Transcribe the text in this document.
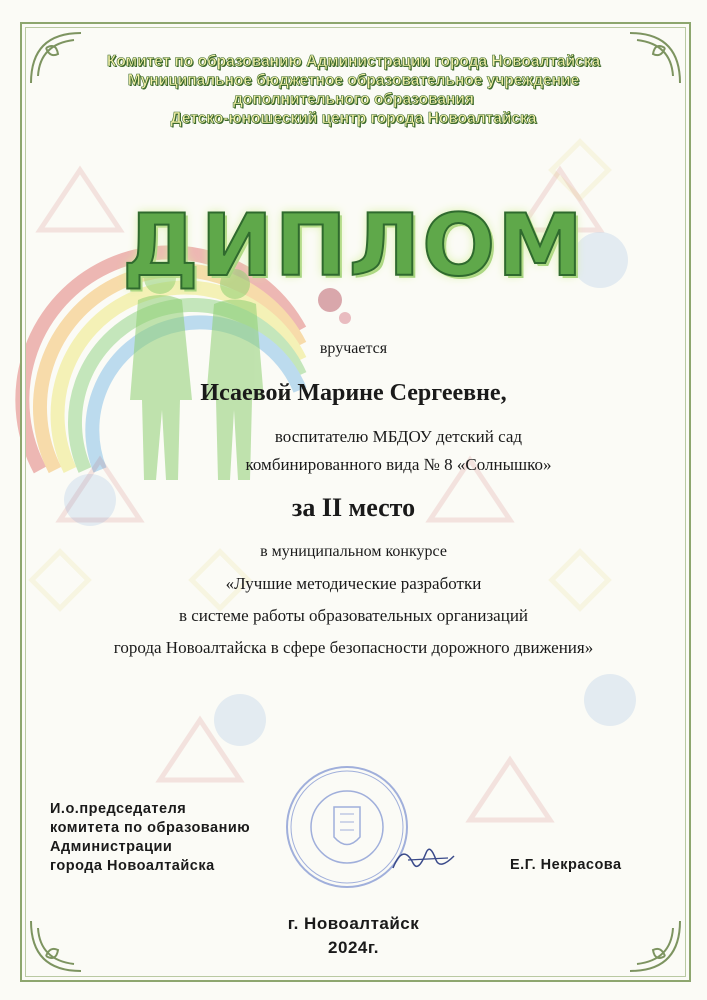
Комитет по образованию Администрации города Новоалтайска
Муниципальное бюджетное образовательное учреждение
дополнительного образования
Детско-юношеский центр города Новоалтайска
ДИПЛОМ
вручается
Исаевой Марине Сергеевне,
воспитателю МБДОУ детский сад
комбинированного вида № 8 «Солнышко»
за II место
в муниципальном конкурсе
«Лучшие методические разработки
в системе работы образовательных организаций
города Новоалтайска в сфере безопасности дорожного движения»
И.о.председателя
комитета по образованию
Администрации
города Новоалтайска	Е.Г. Некрасова
г. Новоалтайск
2024г.
